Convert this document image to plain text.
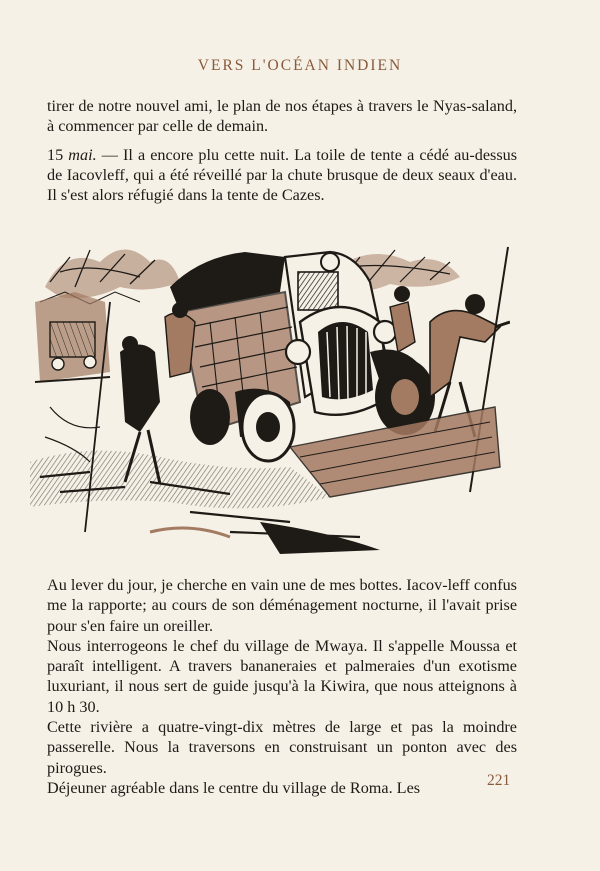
VERS L'OCÉAN INDIEN

tirer de notre nouvel ami, le plan de nos étapes à travers le Nyas-saland, à commencer par celle de demain.

15 mai. — Il a encore plu cette nuit. La toile de tente a cédé au-dessus de Iacovleff, qui a été réveillé par la chute brusque de deux seaux d'eau. Il s'est alors réfugié dans la tente de Cazes.

Au lever du jour, je cherche en vain une de mes bottes. Iacov-leff confus me la rapporte; au cours de son déménagement nocturne, il l'avait prise pour s'en faire un oreiller.

Nous interrogeons le chef du village de Mwaya. Il s'appelle Moussa et paraît intelligent. A travers bananeraies et palmeraies d'un exotisme luxuriant, il nous sert de guide jusqu'à la Kiwira, que nous atteignons à 10 h 30.

Cette rivière a quatre-vingt-dix mètres de large et pas la moindre passerelle. Nous la traversons en construisant un ponton avec des pirogues.

Déjeuner agréable dans le centre du village de Roma. Les	221
